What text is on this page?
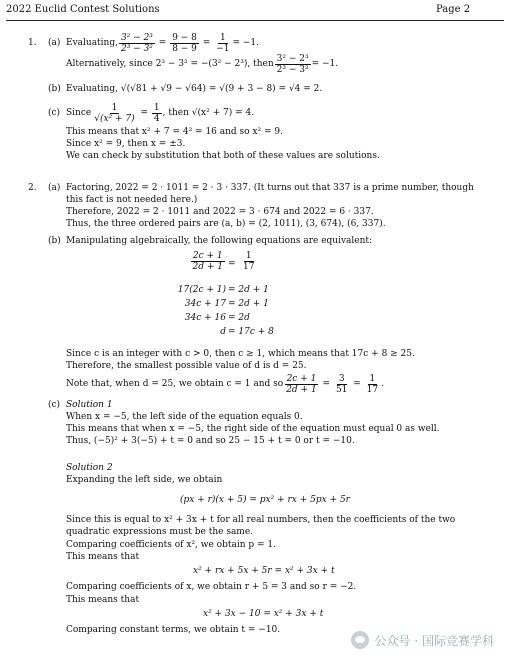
2022 Euclid Contest Solutions	Page 2
1. (a) Evaluating, $\frac{\text{3² − 2³}}{\text{2³ − 3²}} = \frac{9 - 8}{8 - 9} = \frac{1}{-1} = -1$.
Alternatively, since 2³ − 3² = −(3² − 2³), then $\frac{\text{3² − 2³}}{\text{2³ − 3²}} = -1$.
(b) Evaluating, √(√81 + √9 − √64) = √(9 + 3 − 8) = √4 = 2.
(c) Since $\frac{1}{\text{√(x² + 7)}} = \frac{1}{4}$ , then √(x² + 7) = 4.
This means that x² + 7 = 4² = 16 and so x² = 9.
Since x² = 9, then x = ±3.
We can check by substitution that both of these values are solutions.
2. (a) Factoring, 2022 = 2 · 1011 = 2 · 3 · 337. (It turns out that 337 is a prime number, though
this fact is not needed here.)
Therefore, 2022 = 2 · 1011 and 2022 = 3 · 674 and 2022 = 6 · 337.
Thus, the three ordered pairs are (a, b) = (2, 1011), (3, 674), (6, 337).
(b) Manipulating algebraically, the following equations are equivalent:
$\frac{2c + 1}{2d + 1} = \frac{1}{17}$
17(2c + 1) = 2d + 1
34c + 17 = 2d + 1
34c + 16 = 2d
d = 17c + 8
Since c is an integer with c > 0, then c ≥ 1, which means that 17c + 8 ≥ 25.
Therefore, the smallest possible value of d is d = 25.
Note that, when d = 25, we obtain c = 1 and so $\frac{2c + 1}{2d + 1} = \frac{3}{51} = \frac{1}{17}$ .
(c) Solution 1
When x = −5, the left side of the equation equals 0.
This means that when x = −5, the right side of the equation must equal 0 as well.
Thus, (−5)² + 3(−5) + t = 0 and so 25 − 15 + t = 0 or t = −10.
Solution 2
Expanding the left side, we obtain
(px + r)(x + 5) = px² + rx + 5px + 5r
Since this is equal to x² + 3x + t for all real numbers, then the coefficients of the two
quadratic expressions must be the same.
Comparing coefficients of x², we obtain p = 1.
This means that
x² + rx + 5x + 5r = x² + 3x + t
Comparing coefficients of x, we obtain r + 5 = 3 and so r = −2.
This means that
x² + 3x − 10 = x² + 3x + t
Comparing constant terms, we obtain t = −10.
公众号 · 国际竞赛学科
